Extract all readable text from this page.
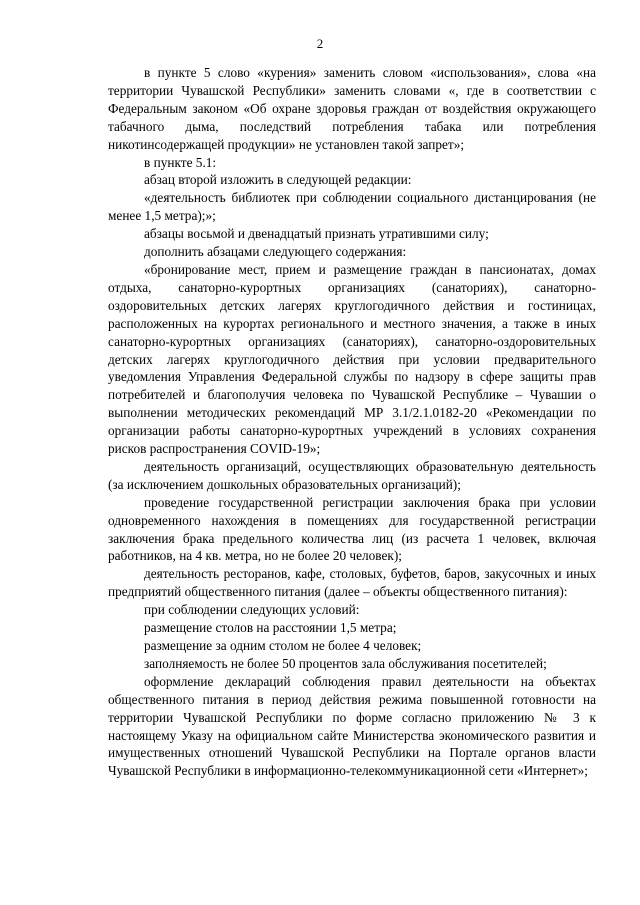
2

в пункте 5 слово «курения» заменить словом «использования», слова «на территории Чувашской Республики» заменить словами «, где в соответствии с Федеральным законом «Об охране здоровья граждан от воздействия окружающего табачного дыма, последствий потребления табака или потребления никотинсодержащей продукции» не установлен такой запрет»;

в пункте 5.1:

абзац второй изложить в следующей редакции:

«деятельность библиотек при соблюдении социального дистанцирования (не менее 1,5 метра);»;

абзацы восьмой и двенадцатый признать утратившими силу;

дополнить абзацами следующего содержания:

«бронирование мест, прием и размещение граждан в пансионатах, домах отдыха, санаторно-курортных организациях (санаториях), санаторно-оздоровительных детских лагерях круглогодичного действия и гостиницах, расположенных на курортах регионального и местного значения, а также в иных санаторно-курортных организациях (санаториях), санаторно-оздоровительных детских лагерях круглогодичного действия при условии предварительного уведомления Управления Федеральной службы по надзору в сфере защиты прав потребителей и благополучия человека по Чувашской Республике – Чувашии о выполнении методических рекомендаций МР 3.1/2.1.0182-20 «Рекомендации по организации работы санаторно-курортных учреждений в условиях сохранения рисков распространения COVID-19»;

деятельность организаций, осуществляющих образовательную деятельность (за исключением дошкольных образовательных организаций);

проведение государственной регистрации заключения брака при условии одновременного нахождения в помещениях для государственной регистрации заключения брака предельного количества лиц (из расчета 1 человек, включая работников, на 4 кв. метра, но не более 20 человек);

деятельность ресторанов, кафе, столовых, буфетов, баров, закусочных и иных предприятий общественного питания (далее – объекты общественного питания):

при соблюдении следующих условий:

размещение столов на расстоянии 1,5 метра;

размещение за одним столом не более 4 человек;

заполняемость не более 50 процентов зала обслуживания посетителей;

оформление деклараций соблюдения правил деятельности на объектах общественного питания в период действия режима повышенной готовности на территории Чувашской Республики по форме согласно приложению № 3 к настоящему Указу на официальном сайте Министерства экономического развития и имущественных отношений Чувашской Республики на Портале органов власти Чувашской Республики в информационно-телекоммуникационной сети «Интернет»;
